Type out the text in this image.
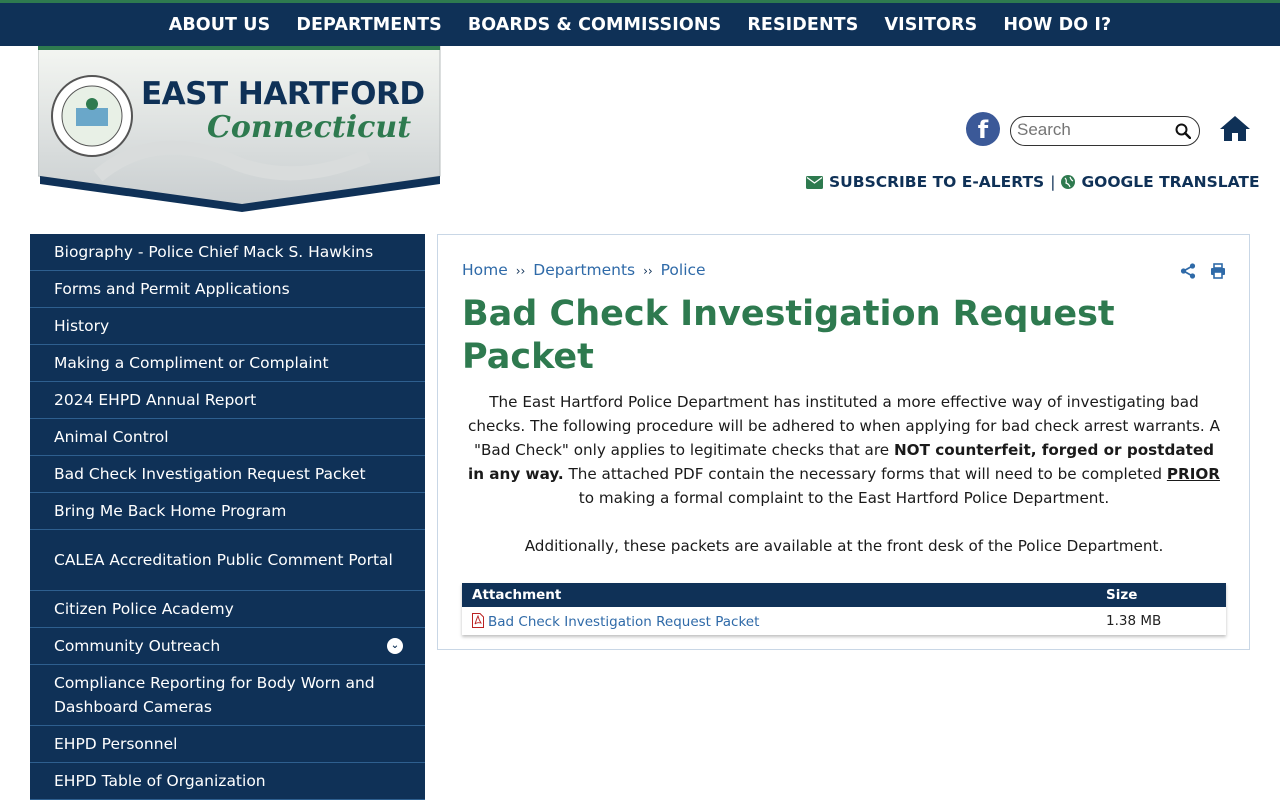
ABOUT US DEPARTMENTS BOARDS & COMMISSIONS RESIDENTS VISITORS HOW DO I?
EAST HARTFORD
Connecticut	f
Search
SUBSCRIBE TO E-ALERTS | GOOGLE TRANSLATE
Biography - Police Chief Mack S. Hawkins
Forms and Permit Applications
History
Making a Compliment or Complaint
2024 EHPD Annual Report
Animal Control
Bad Check Investigation Request Packet
Bring Me Back Home Program
CALEA Accreditation Public Comment Portal
Citizen Police Academy
Community Outreach	⌄
Compliance Reporting for Body Worn and Dashboard Cameras
EHPD Personnel
EHPD Table of Organization
Home ›› Departments ›› Police
Bad Check Investigation Request Packet

The East Hartford Police Department has instituted a more effective way of investigating bad checks. The following procedure will be adhered to when applying for bad check arrest warrants. A "Bad Check" only applies to legitimate checks that are NOT counterfeit, forged or postdated in any way. The attached PDF contain the necessary forms that will need to be completed PRIOR to making a formal complaint to the East Hartford Police Department.

Additionally, these packets are available at the front desk of the Police Department.

Attachment	Size
Bad Check Investigation Request Packet	1.38 MB
